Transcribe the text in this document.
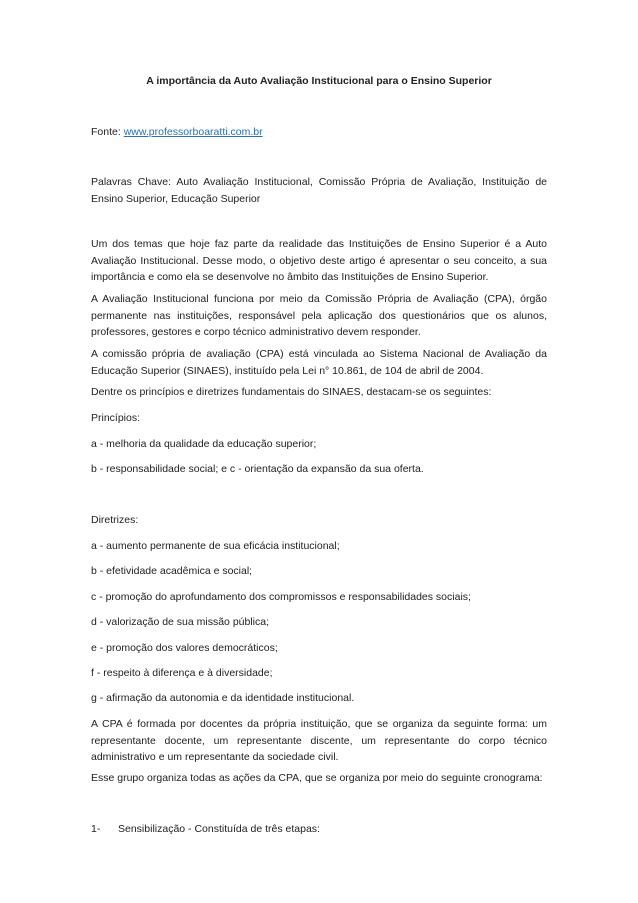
A importância da Auto Avaliação Institucional para o Ensino Superior

Fonte: www.professorboaratti.com.br

Palavras Chave: Auto Avaliação Institucional, Comissão Própria de Avaliação, Instituição de Ensino Superior, Educação Superior

Um dos temas que hoje faz parte da realidade das Instituições de Ensino Superior é a Auto Avaliação Institucional. Desse modo, o objetivo deste artigo é apresentar o seu conceito, a sua importância e como ela se desenvolve no âmbito das Instituições de Ensino Superior.

A Avaliação Institucional funciona por meio da Comissão Própria de Avaliação (CPA), órgão permanente nas instituições, responsável pela aplicação dos questionários que os alunos, professores, gestores e corpo técnico administrativo devem responder.

A comissão própria de avaliação (CPA) está vinculada ao Sistema Nacional de Avaliação da Educação Superior (SINAES), instituído pela Lei n° 10.861, de 104 de abril de 2004.

Dentre os princípios e diretrizes fundamentais do SINAES, destacam-se os seguintes:

Princípios:

a - melhoria da qualidade da educação superior;

b - responsabilidade social; e c - orientação da expansão da sua oferta.

Diretrizes:

a - aumento permanente de sua eficácia institucional;

b - efetividade acadêmica e social;

c - promoção do aprofundamento dos compromissos e responsabilidades sociais;

d - valorização de sua missão pública;

e - promoção dos valores democráticos;

f - respeito à diferença e à diversidade;

g - afirmação da autonomia e da identidade institucional.

A CPA é formada por docentes da própria instituição, que se organiza da seguinte forma: um representante docente, um representante discente, um representante do corpo técnico administrativo e um representante da sociedade civil.

Esse grupo organiza todas as ações da CPA, que se organiza por meio do seguinte cronograma:

1-	Sensibilização - Constituída de três etapas:
